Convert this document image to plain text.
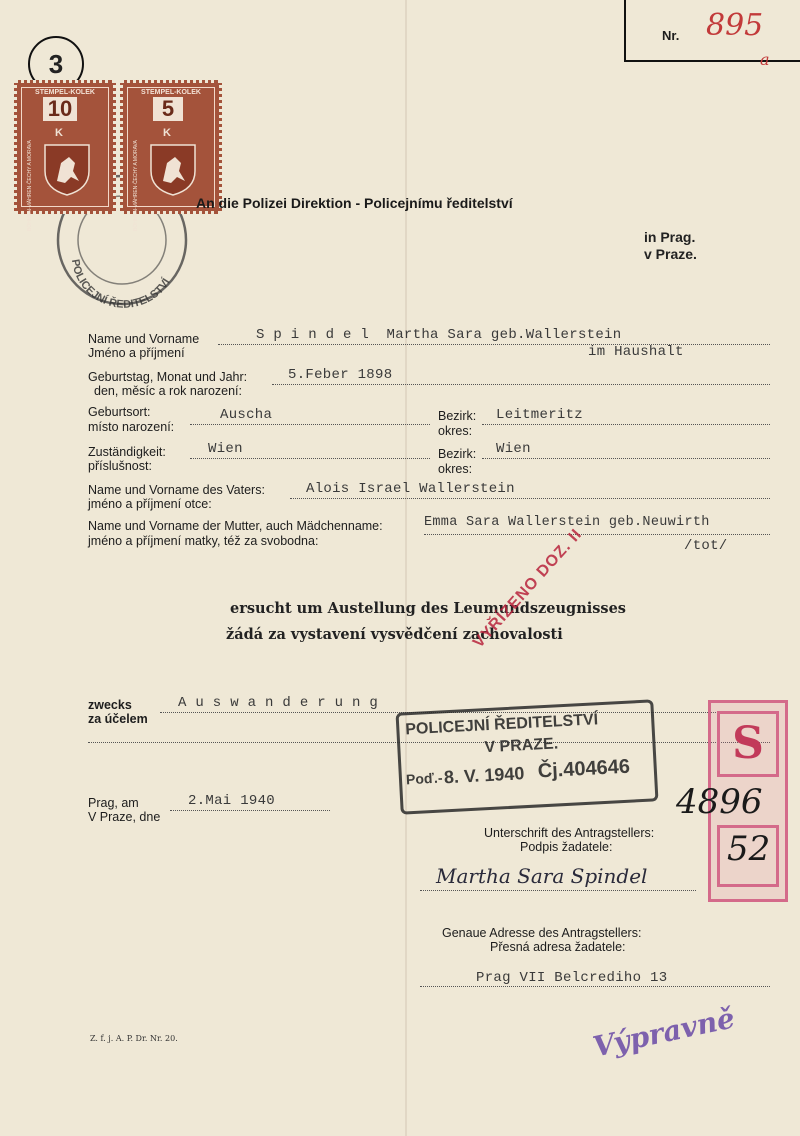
Nr. 895
a
3
POLICEJNÍ ŘEDITELSTVÍ
STEMPEL-KOLEK
10
K
BÖHMEN-MÄHREN·ČECHY A MORAVA
STEMPEL-KOLEK
5
K
BÖHMEN-MÄHREN·ČECHY A MORAVA	An die Polizei Direktion - Policejnímu ředitelství
in Prag.
v Praze.
Name und Vorname
Jméno a příjmení
S p i n d e l  Martha Sara geb.Wallerstein
im Haushalt
Geburtstag, Monat und Jahr:
den, měsíc a rok narození:
5.Feber 1898
Geburtsort:
místo narození:
Auscha	Bezirk:
okres:
Leitmeritz
Zuständigkeit:
příslušnost:
Wien	Bezirk:
okres:
Wien
Name und Vorname des Vaters:
jméno a příjmení otce:
Alois Israel Wallerstein
Name und Vorname der Mutter, auch Mädchenname:
jméno a příjmení matky, též za svobodna:
Emma Sara Wallerstein geb.Neuwirth
/tot/
ersucht um Austellung des Leumundszeugnisses
žádá za vystavení vysvědčení zachovalosti
VYŘÍZENO DOZ. II
zwecks
za účelem
A u s w a n d e r u n g
POLICEJNÍ ŘEDITELSTVÍ
V PRAZE.
Poď.- 8. V. 1940 Čj.404646
S
52
4896
Prag, am
V Praze, dne
2.Mai 1940
Unterschrift des Antragstellers:
Podpis žadatele:
Martha Sara Spindel
Genaue Adresse des Antragstellers:
Přesná adresa žadatele:
Prag VII Belcrediho 13
Výpravně
Z. f. j. A. P. Dr. Nr. 20.
